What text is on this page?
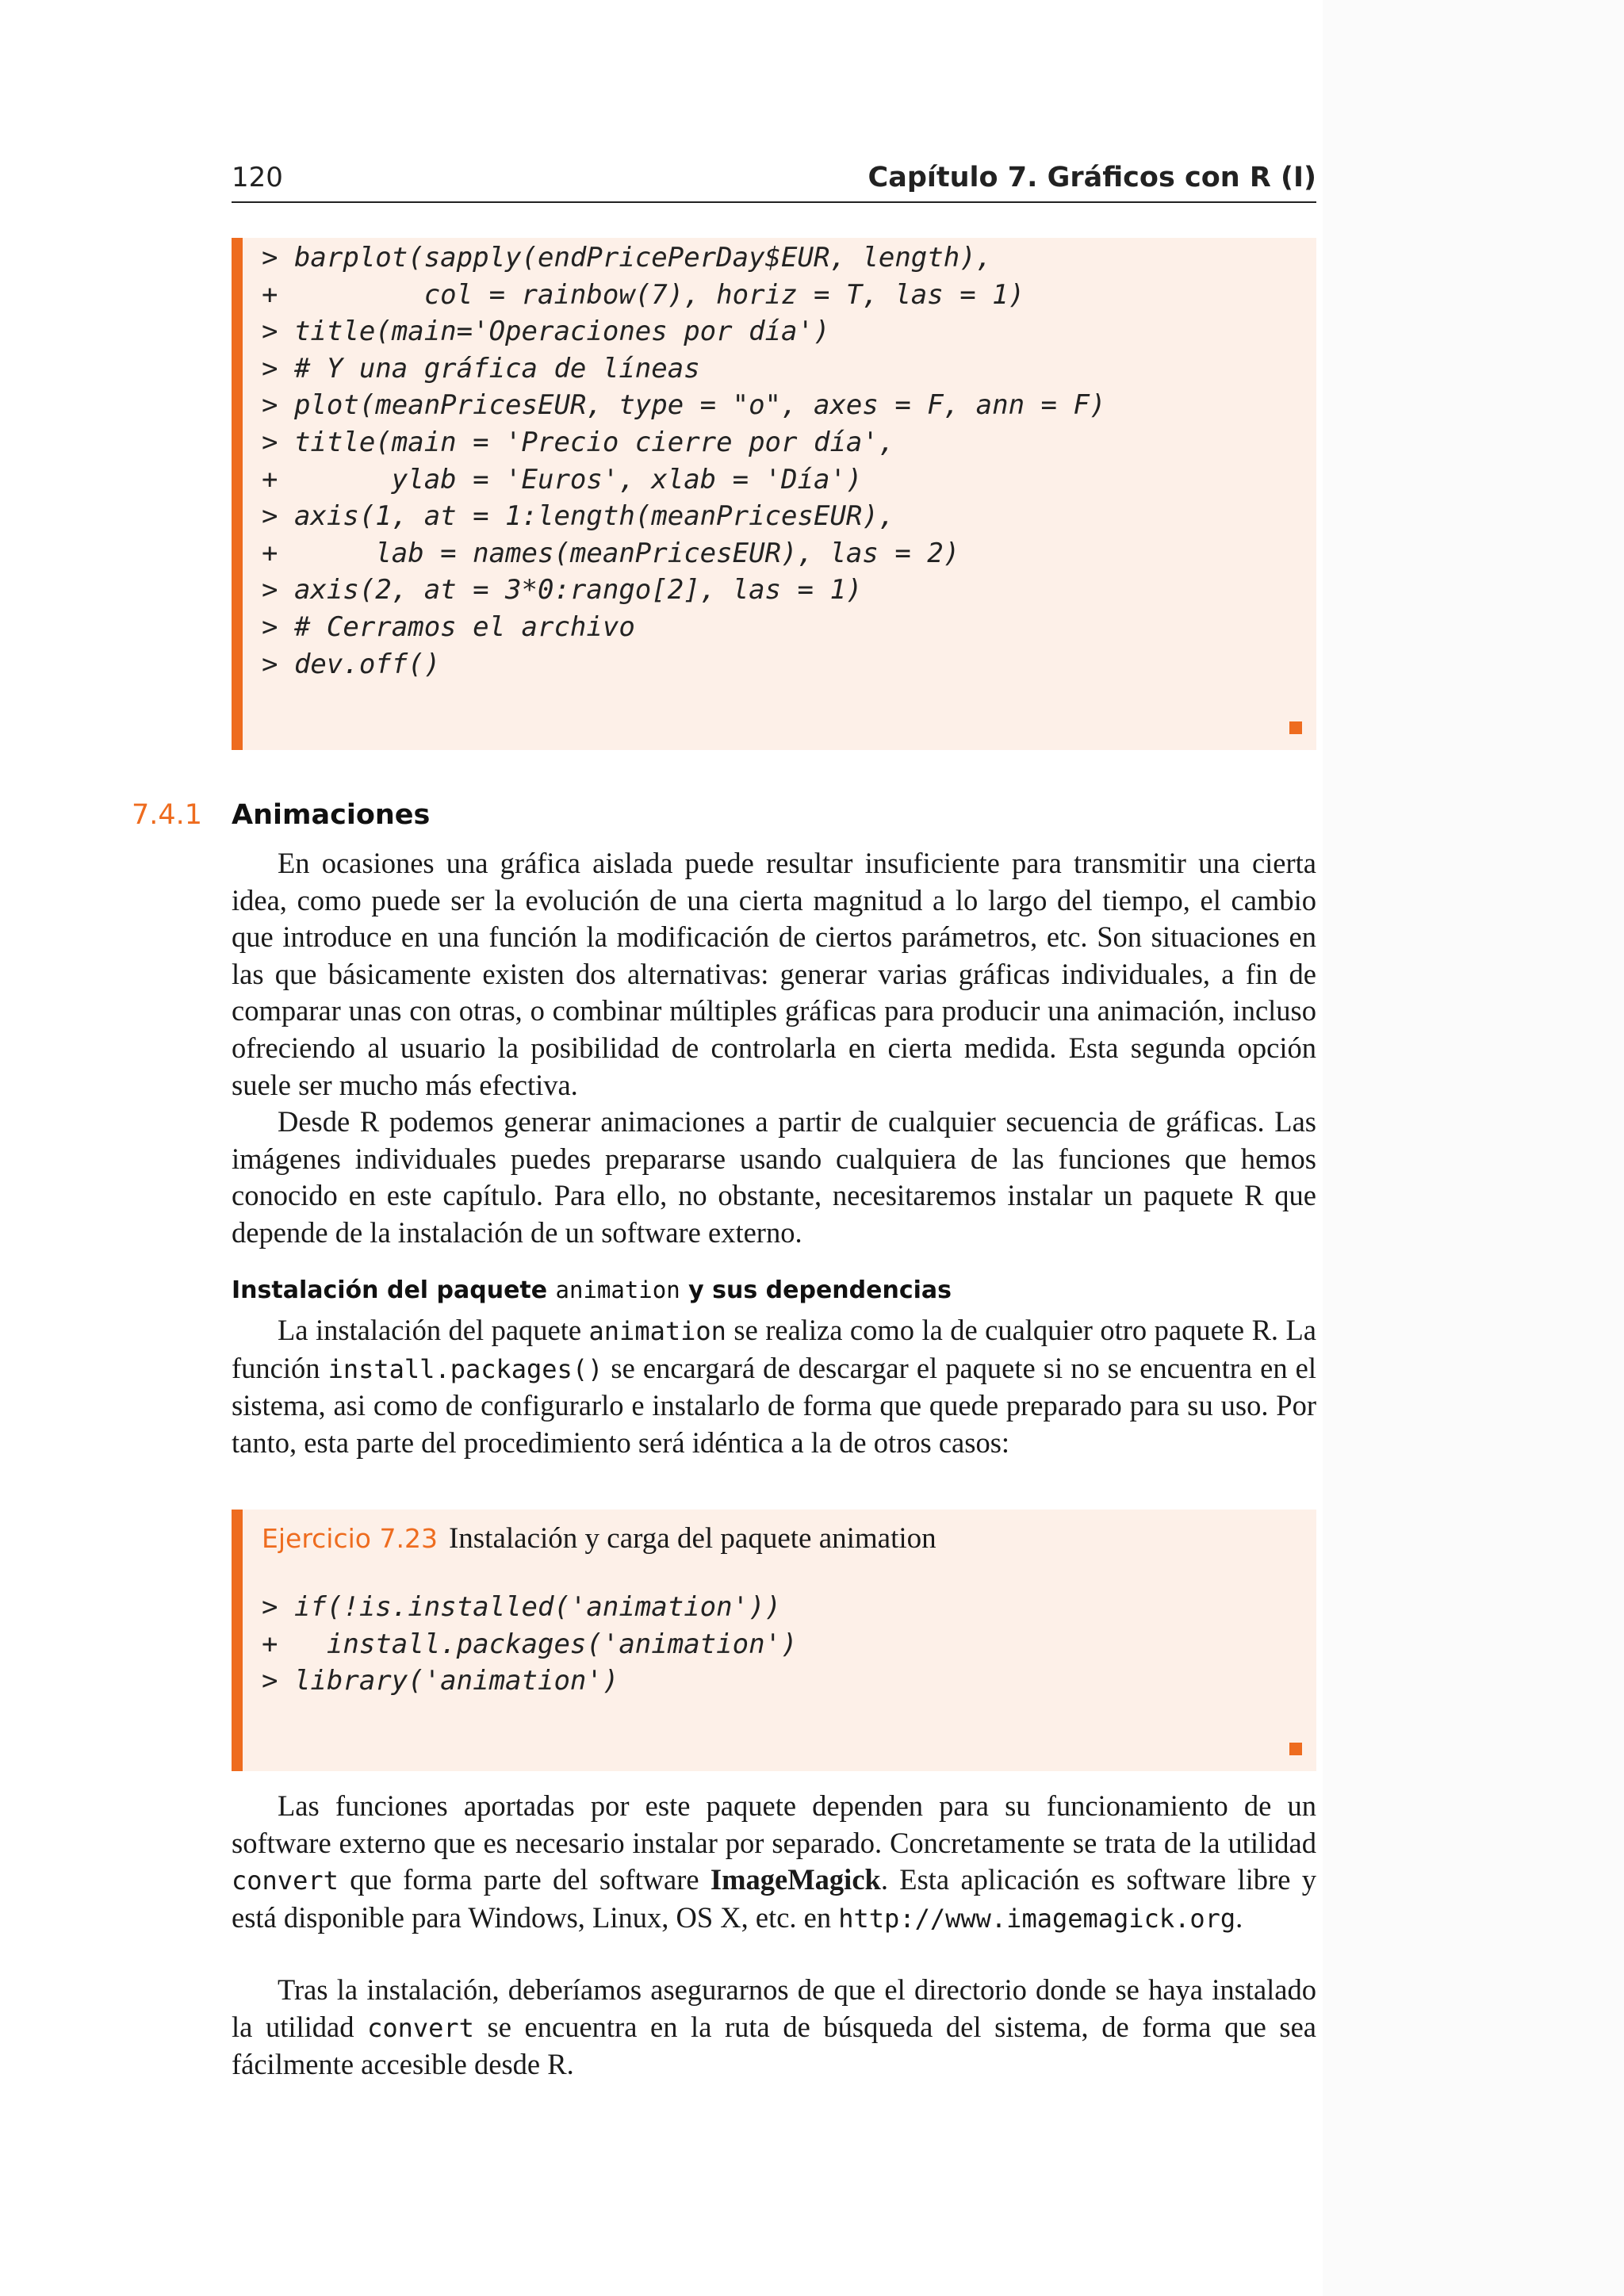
120	Capítulo 7. Gráficos con R (I)
> barplot(sapply(endPricePerDay$EUR, length),
+         col = rainbow(7), horiz = T, las = 1)
> title(main='Operaciones por día')
> # Y una gráfica de líneas
> plot(meanPricesEUR, type = "o", axes = F, ann = F)
> title(main = 'Precio cierre por día',
+       ylab = 'Euros', xlab = 'Día')
> axis(1, at = 1:length(meanPricesEUR),
+      lab = names(meanPricesEUR), las = 2)
> axis(2, at = 3*0:rango[2], las = 1)
> # Cerramos el archivo
> dev.off()
7.4.1 Animaciones

En ocasiones una gráfica aislada puede resultar insuficiente para transmitir una cierta idea, como puede ser la evolución de una cierta magnitud a lo largo del tiempo, el cambio que introduce en una función la modificación de ciertos parámetros, etc. Son situaciones en las que básicamente existen dos alternativas: generar varias gráficas individuales, a fin de comparar unas con otras, o combinar múltiples gráficas para producir una animación, incluso ofreciendo al usuario la posibilidad de controlarla en cierta medida. Esta segunda opción suele ser mucho más efectiva.

Desde R podemos generar animaciones a partir de cualquier secuencia de gráficas. Las imágenes individuales puedes prepararse usando cualquiera de las funciones que hemos conocido en este capítulo. Para ello, no obstante, necesitaremos instalar un paquete R que depende de la instalación de un software externo.

Instalación del paquete animation y sus dependencias

La instalación del paquete animation se realiza como la de cualquier otro paquete R. La función install.packages() se encargará de descargar el paquete si no se encuentra en el sistema, asi como de configurarlo e instalarlo de forma que quede preparado para su uso. Por tanto, esta parte del procedimiento será idéntica a la de otros casos:

Ejercicio 7.23 Instalación y carga del paquete animation
> if(!is.installed('animation'))
+   install.packages('animation')
> library('animation')

Las funciones aportadas por este paquete dependen para su funcionamiento de un software externo que es necesario instalar por separado. Concretamente se trata de la utilidad convert que forma parte del software ImageMagick. Esta aplicación es software libre y está disponible para Windows, Linux, OS X, etc. en http://www.imagemagick.org.

Tras la instalación, deberíamos asegurarnos de que el directorio donde se haya instalado la utilidad convert se encuentra en la ruta de búsqueda del sistema, de forma que sea fácilmente accesible desde R.
